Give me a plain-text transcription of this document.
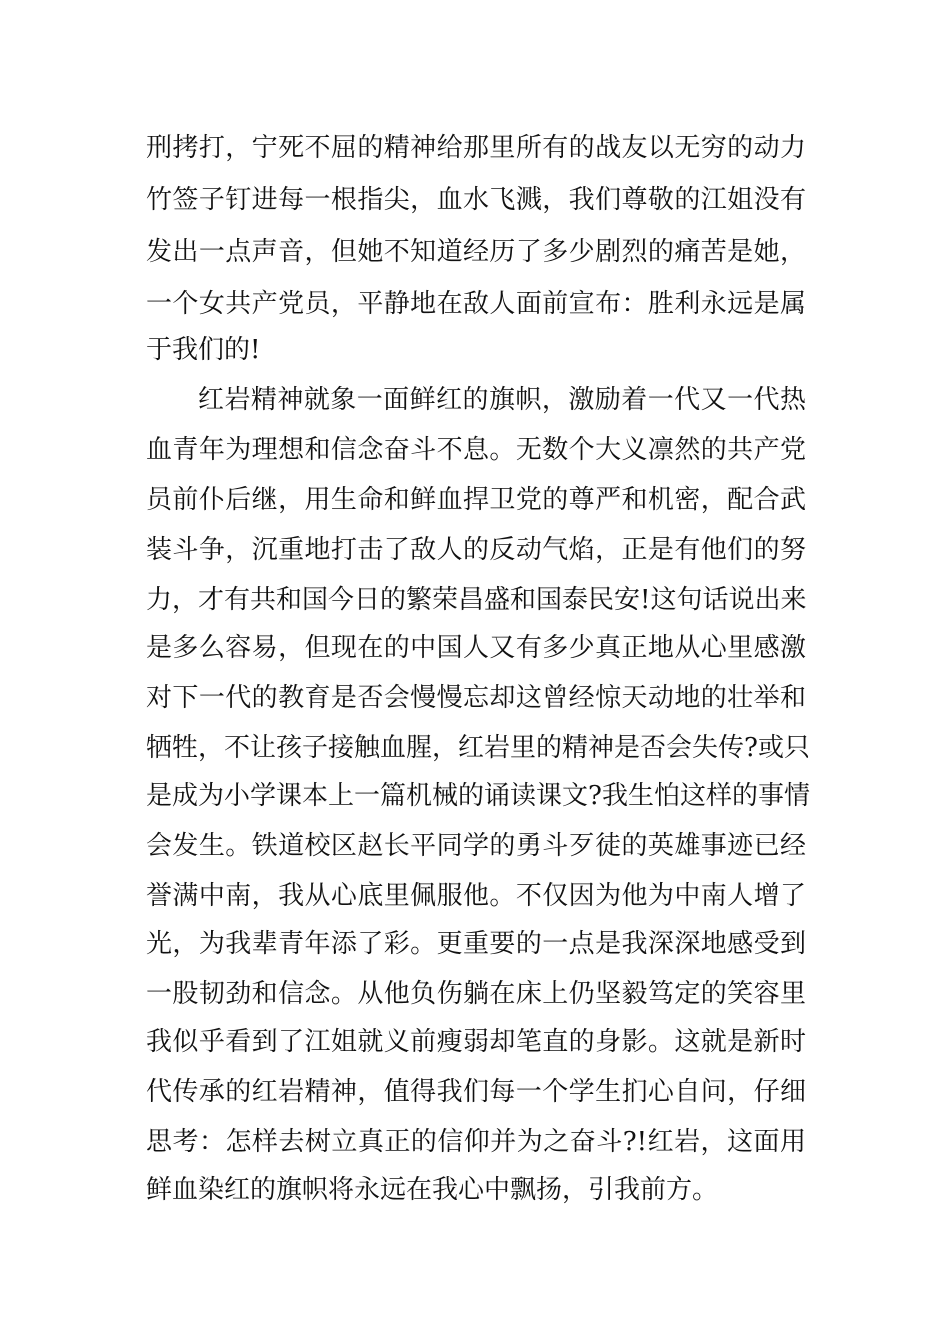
刑拷打，宁死不屈的精神给那里所有的战友以无穷的动力
竹签子钉进每一根指尖，血水飞溅，我们尊敬的江姐没有
发出一点声音，但她不知道经历了多少剧烈的痛苦是她，
一个女共产党员，平静地在敌人面前宣布：胜利永远是属
于我们的!
红岩精神就象一面鲜红的旗帜，激励着一代又一代热
血青年为理想和信念奋斗不息。无数个大义凛然的共产党
员前仆后继，用生命和鲜血捍卫党的尊严和机密，配合武
装斗争，沉重地打击了敌人的反动气焰，正是有他们的努
力，才有共和国今日的繁荣昌盛和国泰民安!这句话说出来
是多么容易，但现在的中国人又有多少真正地从心里感激
对下一代的教育是否会慢慢忘却这曾经惊天动地的壮举和
牺牲，不让孩子接触血腥，红岩里的精神是否会失传?或只
是成为小学课本上一篇机械的诵读课文?我生怕这样的事情
会发生。铁道校区赵长平同学的勇斗歹徒的英雄事迹已经
誉满中南，我从心底里佩服他。不仅因为他为中南人增了
光，为我辈青年添了彩。更重要的一点是我深深地感受到
一股韧劲和信念。从他负伤躺在床上仍坚毅笃定的笑容里
我似乎看到了江姐就义前瘦弱却笔直的身影。这就是新时
代传承的红岩精神，值得我们每一个学生扪心自问，仔细
思考：怎样去树立真正的信仰并为之奋斗?!红岩，这面用
鲜血染红的旗帜将永远在我心中飘扬，引我前方。
